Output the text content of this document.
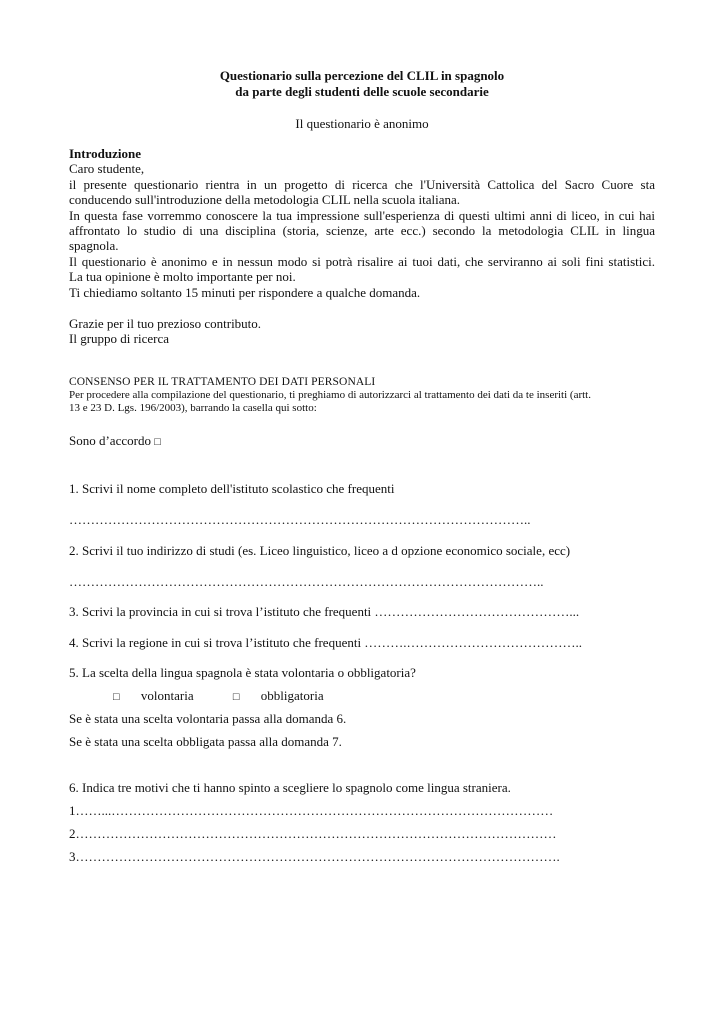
Questionario sulla percezione del CLIL in spagnolo
da parte degli studenti delle scuole secondarie
Il questionario è anonimo
Introduzione
Caro studente,
il presente questionario rientra in un progetto di ricerca che l'Università Cattolica del Sacro Cuore sta
conducendo sull'introduzione della metodologia CLIL nella scuola italiana.
In questa fase vorremmo conoscere la tua impressione sull'esperienza di questi ultimi anni di liceo, in cui hai
affrontato lo studio di una disciplina (storia, scienze, arte ecc.) secondo la metodologia CLIL in lingua
spagnola.
Il questionario è anonimo e in nessun modo si potrà risalire ai tuoi dati, che serviranno ai soli fini statistici.
La tua opinione è molto importante per noi.
Ti chiediamo soltanto 15 minuti per rispondere a qualche domanda.
Grazie per il tuo prezioso contributo.
Il gruppo di ricerca
CONSENSO PER IL TRATTAMENTO DEI DATI PERSONALI
Per procedere alla compilazione del questionario, ti preghiamo di autorizzarci al trattamento dei dati da te inseriti (artt.
13 e 23 D. Lgs. 196/2003), barrando la casella qui sotto:
Sono d’accordo □
1. Scrivi il nome completo dell'istituto scolastico che frequenti
……………………………………………………………………………………………..
2. Scrivi il tuo indirizzo di studi (es. Liceo linguistico, liceo a d opzione economico sociale, ecc)
………………………………………………………………………………………………..
3. Scrivi la provincia in cui si trova l’istituto che frequenti ………………………………………...
4. Scrivi la regione in cui si trova l’istituto che frequenti ……….…………………………………..
5. La scelta della lingua spagnola è stata volontaria o obbligatoria?
□ volontaria	□ obbligatoria
Se è stata una scelta volontaria passa alla domanda 6.
Se è stata una scelta obbligata passa alla domanda 7.
6. Indica tre motivi che ti hanno spinto a scegliere lo spagnolo come lingua straniera.
1……...…………………………………………………………………………………………
2…………………………………………………………………………………………………
3………………………………………………………………………………………………….
